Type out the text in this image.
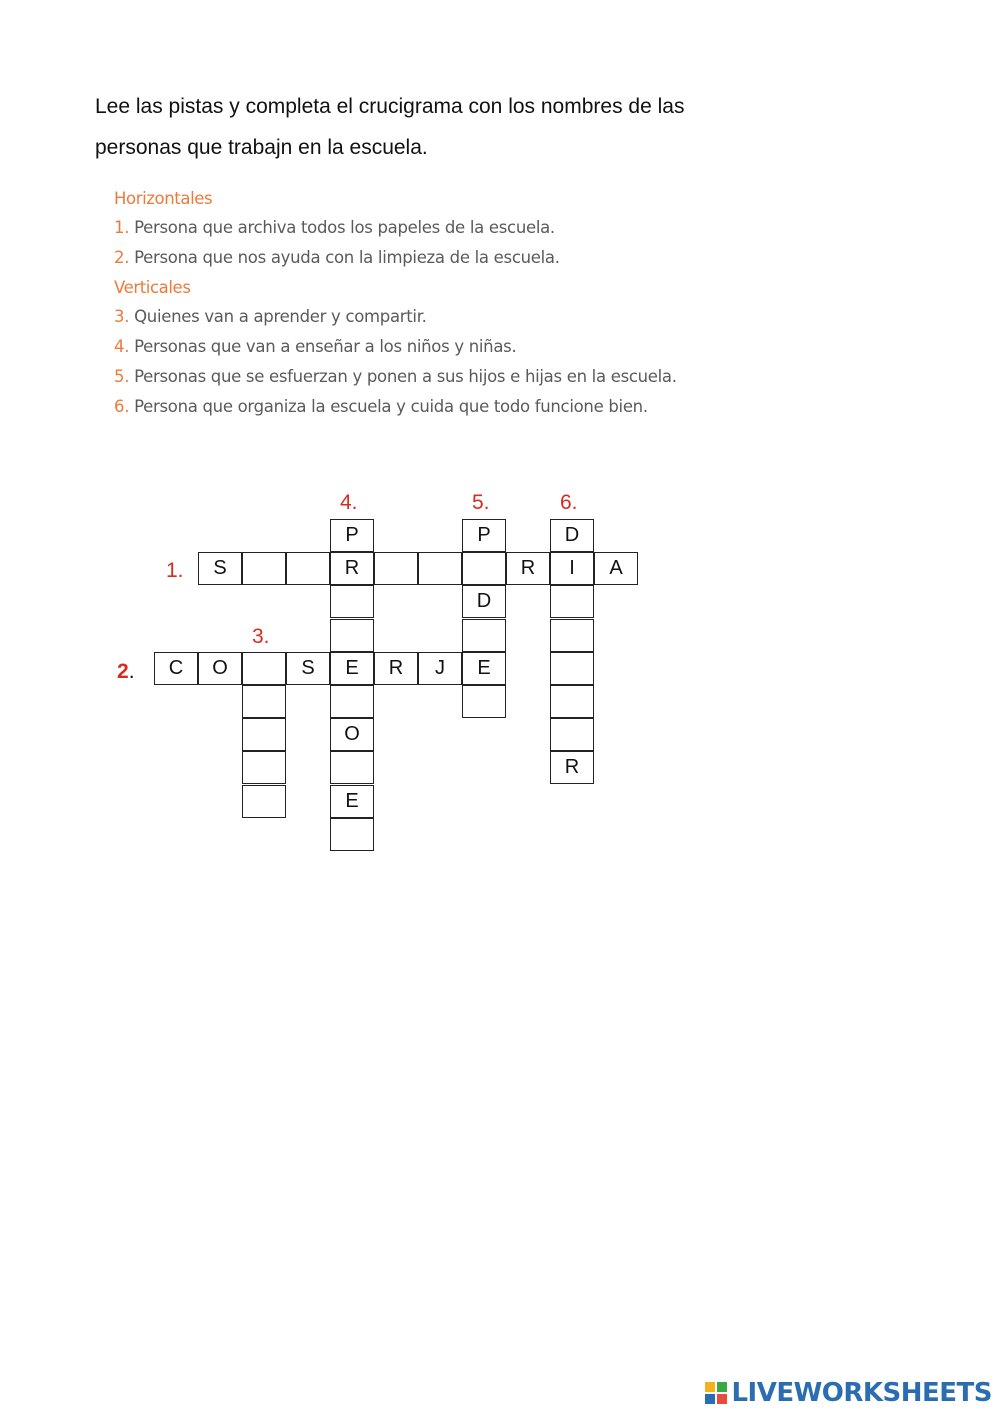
Lee las pistas y completa el crucigrama con los nombres de las

personas que trabajn en la escuela.

Horizontales
1. Persona que archiva todos los papeles de la escuela.
2. Persona que nos ayuda con la limpieza de la escuela.
Verticales
3. Quienes van a aprender y compartir.
4. Personas que van a enseñar a los niños y niñas.
5. Personas que se esfuerzan y ponen a sus hijos e hijas en la escuela.
6. Persona que organiza la escuela y cuida que todo funcione bien.
1.
2.
3.
4.	5.	6.
P	P	D
S	R	R I A
D
C O	S E R J E
O
R
E
LIVEWORKSHEETS
